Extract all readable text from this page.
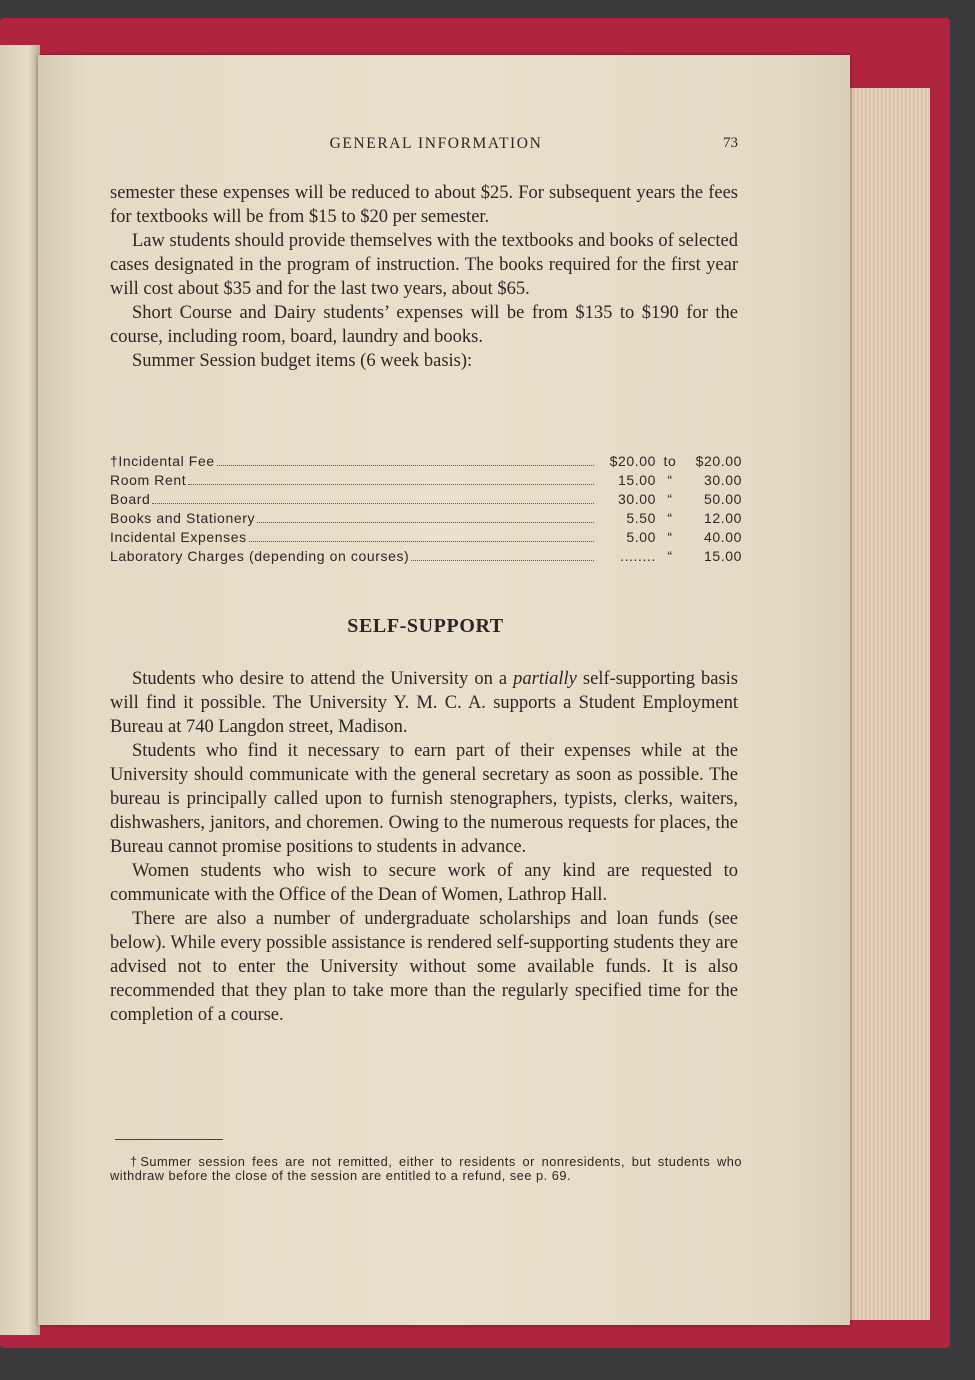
GENERAL INFORMATION	73

semester these expenses will be reduced to about $25. For subsequent years the fees for textbooks will be from $15 to $20 per semester.

Law students should provide themselves with the textbooks and books of selected cases designated in the program of instruction. The books required for the first year will cost about $35 and for the last two years, about $65.

Short Course and Dairy students’ expenses will be from $135 to $190 for the course, including room, board, laundry and books.

Summer Session budget items (6 week basis):

†Incidental Fee	$20.00 to	$20.00
Room Rent	15.00 “	30.00
Board	30.00 “	50.00
Books and Stationery	5.50 “	12.00
Incidental Expenses	5.00 “	40.00
Laboratory Charges (depending on courses)	........ “	15.00
SELF-SUPPORT

Students who desire to attend the University on a partially self-supporting basis will find it possible. The University Y. M. C. A. supports a Student Employment Bureau at 740 Langdon street, Madison.

Students who find it necessary to earn part of their expenses while at the University should communicate with the general secretary as soon as possible. The bureau is principally called upon to furnish stenographers, typists, clerks, waiters, dishwashers, janitors, and choremen. Owing to the numerous requests for places, the Bureau cannot promise positions to students in advance.

Women students who wish to secure work of any kind are requested to communicate with the Office of the Dean of Women, Lathrop Hall.

There are also a number of undergraduate scholarships and loan funds (see below). While every possible assistance is rendered self-supporting students they are advised not to enter the University without some available funds. It is also recommended that they plan to take more than the regularly specified time for the completion of a course.

†Summer session fees are not remitted, either to residents or nonresidents, but students who withdraw before the close of the session are entitled to a refund, see p. 69.
